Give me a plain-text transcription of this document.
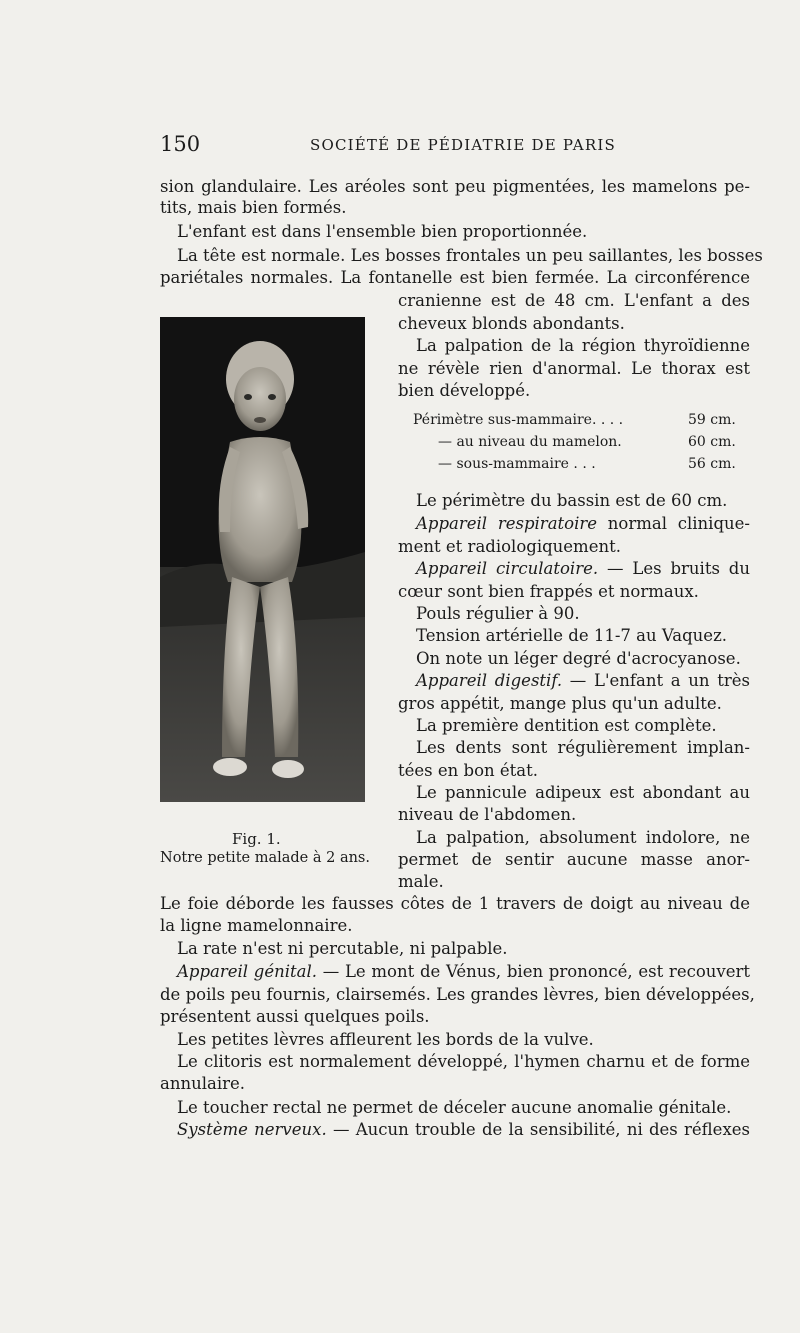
150	SOCIÉTÉ DE PÉDIATRIE DE PARIS
sion glandulaire. Les aréoles sont peu pigmentées, les mamelons pe-
tits, mais bien formés.
L'enfant est dans l'ensemble bien proportionnée.
La tête est normale. Les bosses frontales un peu saillantes, les bosses
pariétales normales. La fontanelle est bien fermée. La circonférence
cranienne est de 48 cm. L'enfant a des
cheveux blonds abondants.
La palpation de la région thyroïdienne
ne révèle rien d'anormal. Le thorax est
bien développé.
Périmètre sus-mammaire. . . .	59 cm.
— au niveau du mamelon.	60 cm.
— sous-mammaire . . .	56 cm.
Le périmètre du bassin est de 60 cm.
Appareil respiratoire normal clinique-
ment et radiologiquement.
Appareil circulatoire. — Les bruits du
cœur sont bien frappés et normaux.
Pouls régulier à 90.
Tension artérielle de 11-7 au Vaquez.
On note un léger degré d'acrocyanose.
Appareil digestif. — L'enfant a un très
gros appétit, mange plus qu'un adulte.
La première dentition est complète.
Les dents sont régulièrement implan-
tées en bon état.
Le pannicule adipeux est abondant au
niveau de l'abdomen.
La palpation, absolument indolore, ne
permet de sentir aucune masse anor-
male.
Fig. 1.
Notre petite malade à 2 ans.
Le foie déborde les fausses côtes de 1 travers de doigt au niveau de
la ligne mamelonnaire.
La rate n'est ni percutable, ni palpable.
Appareil génital. — Le mont de Vénus, bien prononcé, est recouvert
de poils peu fournis, clairsemés. Les grandes lèvres, bien développées,
présentent aussi quelques poils.
Les petites lèvres affleurent les bords de la vulve.
Le clitoris est normalement développé, l'hymen charnu et de forme
annulaire.
Le toucher rectal ne permet de déceler aucune anomalie génitale.
Système nerveux. — Aucun trouble de la sensibilité, ni des réflexes
